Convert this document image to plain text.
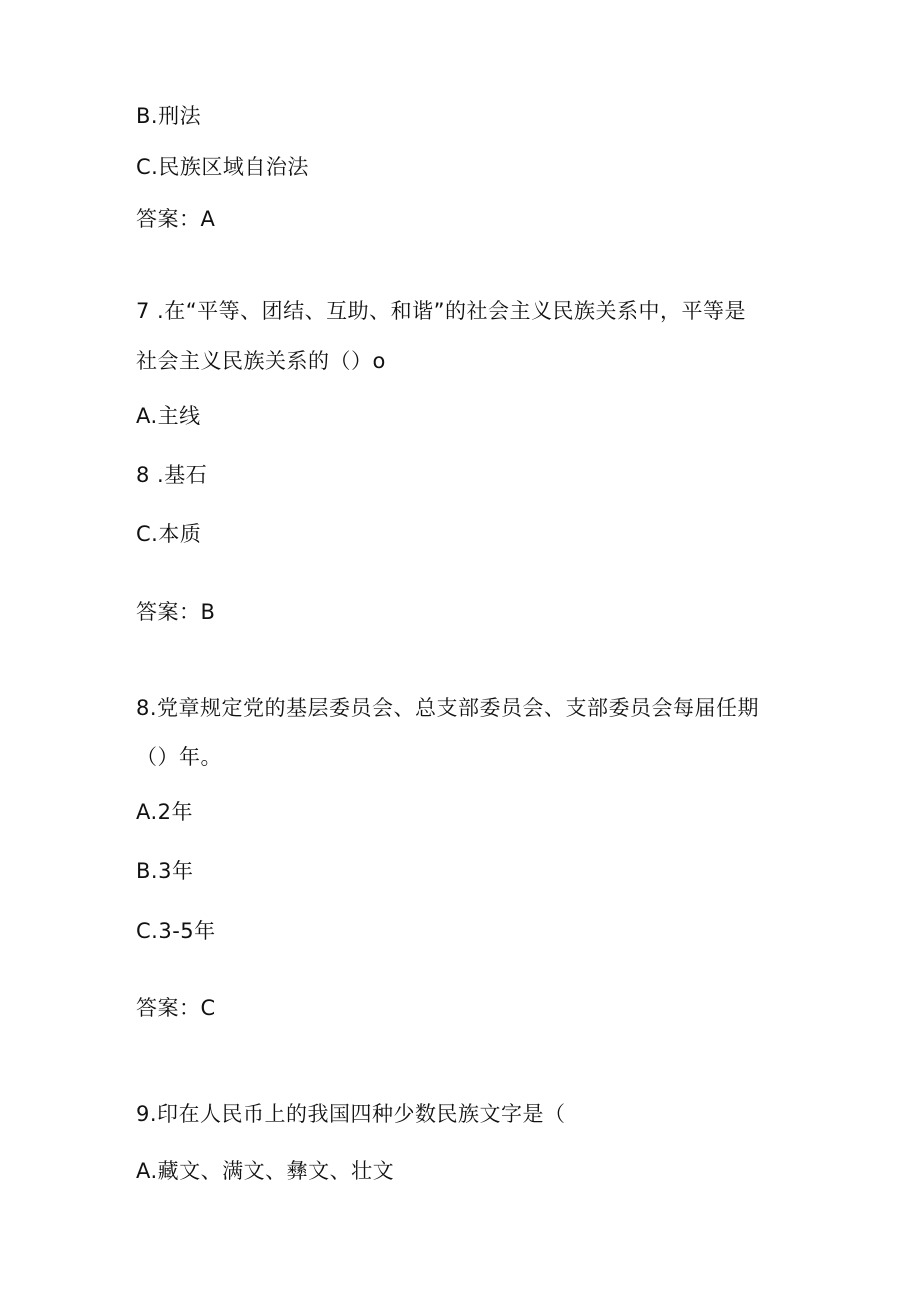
B.刑法
C.民族区域自治法
答案：A
7 .在“平等、团结、互助、和谐”的社会主义民族关系中，平等是
社会主义民族关系的（）o
A.主线
8 .基石
C.本质
答案：B
8.党章规定党的基层委员会、总支部委员会、支部委员会每届任期
（）年。
A.2年
B.3年
C.3-5年
答案：C
9.印在人民币上的我国四种少数民族文字是（
A.藏文、满文、彝文、壮文
